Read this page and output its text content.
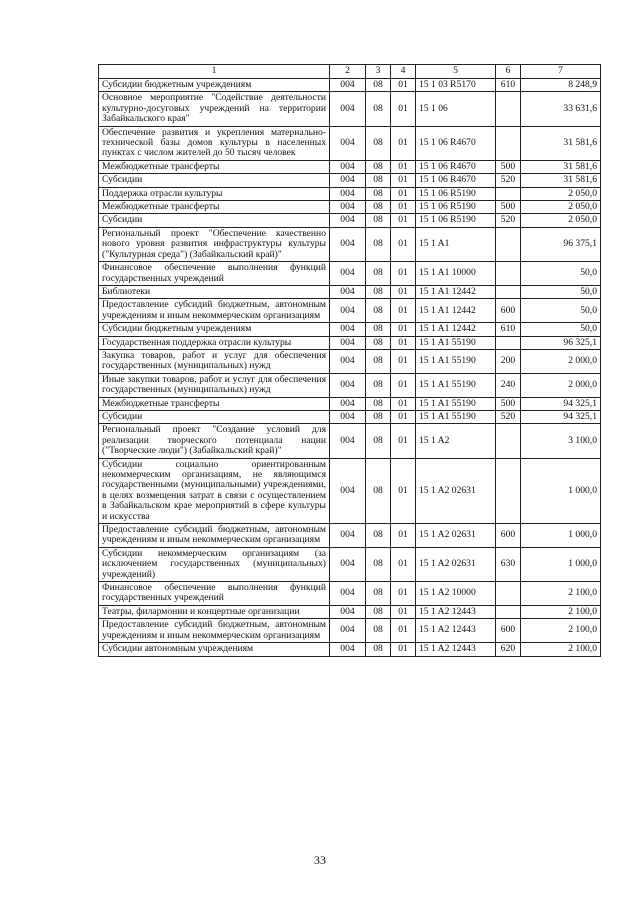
1	2	3	4	5	6	7
Субсидии бюджетным учреждениям	004	08	01	15 1 03 R5170	610	8 248,9
Основное мероприятие "Содействие деятельности культурно-досуговых учреждений на территории Забайкальского края"	004	08	01	15 1 06		33 631,6
Обеспечение развития и укрепления материально-технической базы домов культуры в населенных пунктах с числом жителей до 50 тысяч человек	004	08	01	15 1 06 R4670		31 581,6
Межбюджетные трансферты	004	08	01	15 1 06 R4670	500	31 581,6
Субсидии	004	08	01	15 1 06 R4670	520	31 581,6
Поддержка отрасли культуры	004	08	01	15 1 06 R5190		2 050,0
Межбюджетные трансферты	004	08	01	15 1 06 R5190	500	2 050,0
Субсидии	004	08	01	15 1 06 R5190	520	2 050,0
Региональный проект "Обеспечение качественно нового уровня развития инфраструктуры культуры ("Культурная среда") (Забайкальский край)"	004	08	01	15 1 A1		96 375,1
Финансовое обеспечение выполнения функций государственных учреждений	004	08	01	15 1 A1 10000		50,0
Библиотеки	004	08	01	15 1 A1 12442		50,0
Предоставление субсидий бюджетным, автономным учреждениям и иным некоммерческим организациям	004	08	01	15 1 A1 12442	600	50,0
Субсидии бюджетным учреждениям	004	08	01	15 1 A1 12442	610	50,0
Государственная поддержка отрасли культуры	004	08	01	15 1 A1 55190		96 325,1
Закупка товаров, работ и услуг для обеспечения государственных (муниципальных) нужд	004	08	01	15 1 A1 55190	200	2 000,0
Иные закупки товаров, работ и услуг для обеспечения государственных (муниципальных) нужд	004	08	01	15 1 A1 55190	240	2 000,0
Межбюджетные трансферты	004	08	01	15 1 A1 55190	500	94 325,1
Субсидии	004	08	01	15 1 A1 55190	520	94 325,1
Региональный проект "Создание условий для реализации творческого потенциала нации ("Творческие люди") (Забайкальский край)"	004	08	01	15 1 A2		3 100,0
Субсидии социально ориентированным некоммерческим организациям, не являющимся государственными (муниципальными) учреждениями, в целях возмещения затрат в связи с осуществлением в Забайкальском крае мероприятий в сфере культуры и искусства	004	08	01	15 1 A2 02631		1 000,0
Предоставление субсидий бюджетным, автономным учреждениям и иным некоммерческим организациям	004	08	01	15 1 A2 02631	600	1 000,0
Субсидии некоммерческим организациям (за исключением государственных (муниципальных) учреждений)	004	08	01	15 1 A2 02631	630	1 000,0
Финансовое обеспечение выполнения функций государственных учреждений	004	08	01	15 1 A2 10000		2 100,0
Театры, филармонии и концертные организации	004	08	01	15 1 A2 12443		2 100,0
Предоставление субсидий бюджетным, автономным учреждениям и иным некоммерческим организациям	004	08	01	15 1 A2 12443	600	2 100,0
Субсидии автономным учреждениям	004	08	01	15 1 A2 12443	620	2 100,0
33
